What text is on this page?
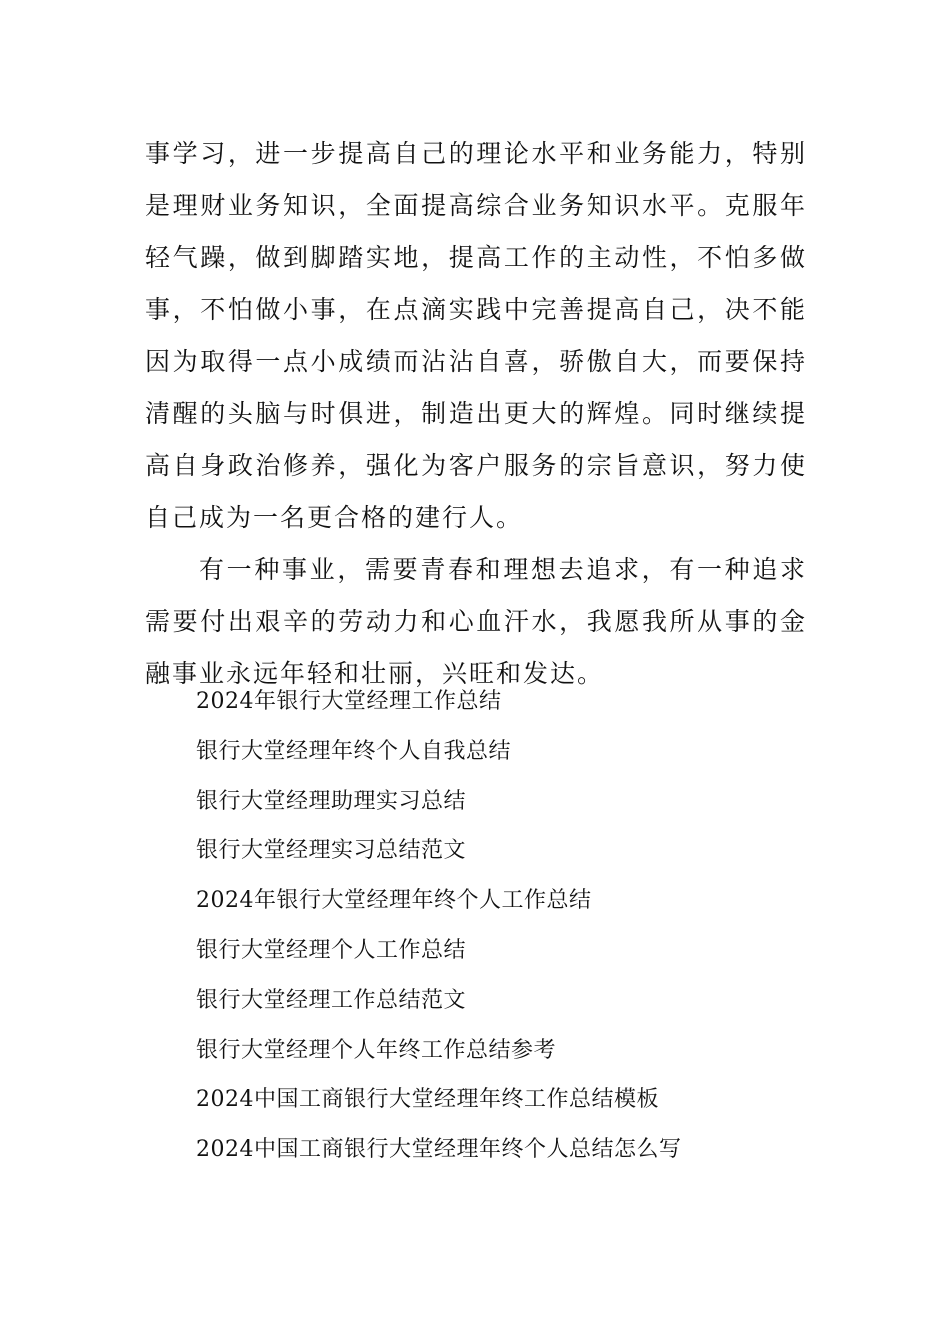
事学习，进一步提高自己的理论水平和业务能力，特别是理财业务知识，全面提高综合业务知识水平。克服年轻气躁，做到脚踏实地，提高工作的主动性，不怕多做事，不怕做小事，在点滴实践中完善提高自己，决不能因为取得一点小成绩而沾沾自喜，骄傲自大，而要保持清醒的头脑与时俱进，制造出更大的辉煌。同时继续提高自身政治修养，强化为客户服务的宗旨意识，努力使自己成为一名更合格的建行人。

有一种事业，需要青春和理想去追求，有一种追求需要付出艰辛的劳动力和心血汗水，我愿我所从事的金融事业永远年轻和壮丽，兴旺和发达。

2024年银行大堂经理工作总结
银行大堂经理年终个人自我总结
银行大堂经理助理实习总结
银行大堂经理实习总结范文
2024年银行大堂经理年终个人工作总结
银行大堂经理个人工作总结
银行大堂经理工作总结范文
银行大堂经理个人年终工作总结参考
2024中国工商银行大堂经理年终工作总结模板
2024中国工商银行大堂经理年终个人总结怎么写
